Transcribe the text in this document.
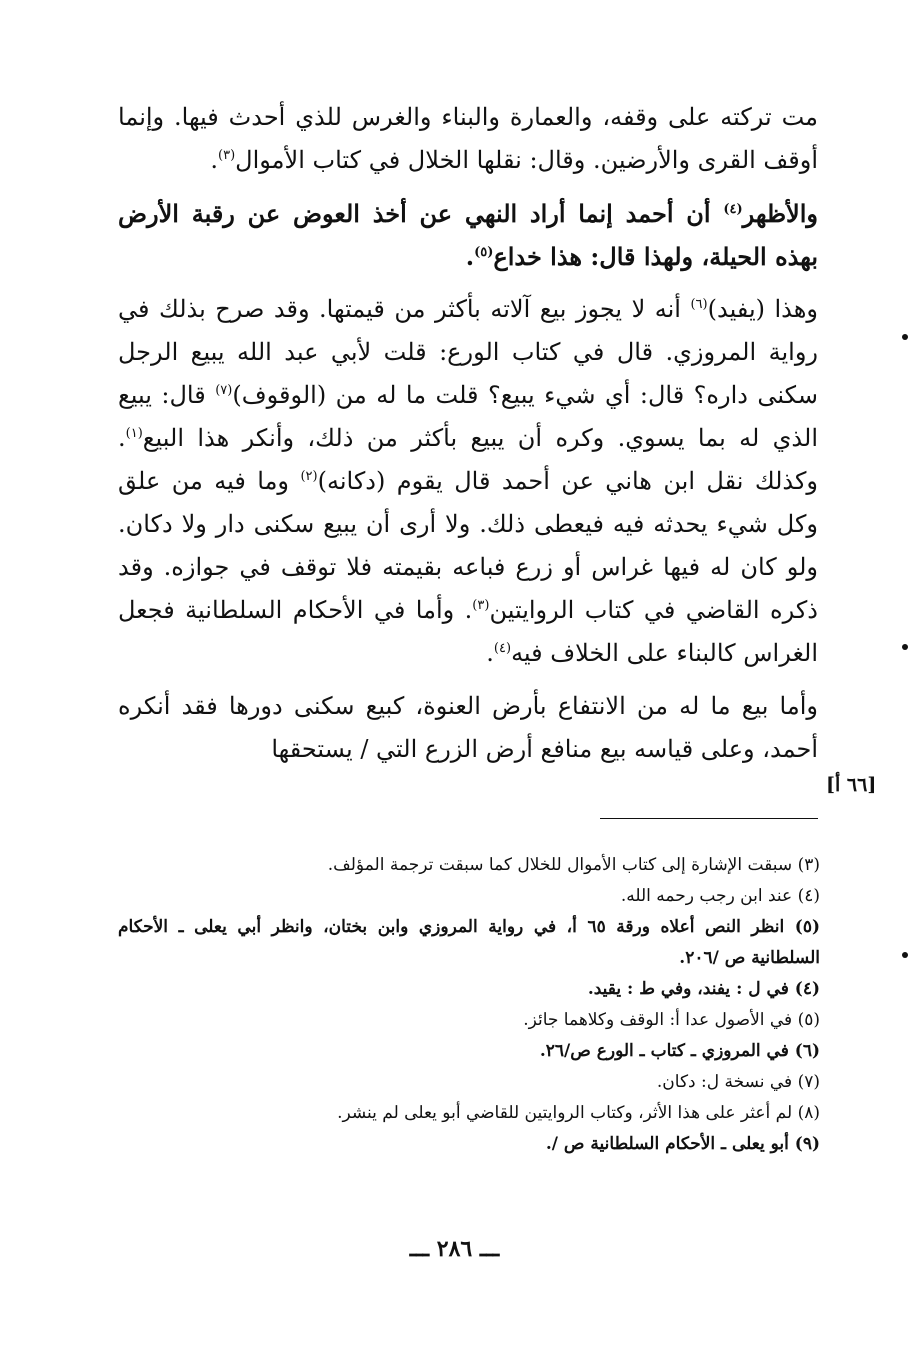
مت تركته على وقفه، والعمارة والبناء والغرس للذي أحدث فيها. وإنما أوقف القرى والأرضين. وقال: نقلها الخلال في كتاب الأموال$^{(٣)}$.

والأظهر$^{(٤)}$ أن أحمد إنما أراد النهي عن أخذ العوض عن رقبة الأرض بهذه الحيلة، ولهذا قال: هذا خداع$^{(٥)}$.

وهذا (يفيد)$^{(٦)}$ أنه لا يجوز بيع آلاته بأكثر من قيمتها. وقد صرح بذلك في رواية المروزي. قال في كتاب الورع: قلت لأبي عبد الله يبيع الرجل سكنى داره؟ قال: أي شيء يبيع؟ قلت ما له من (الوقوف)$^{(٧)}$ قال: يبيع الذي له بما يسوي. وكره أن يبيع بأكثر من ذلك، وأنكر هذا البيع$^{(١)}$. وكذلك نقل ابن هاني عن أحمد قال يقوم (دكانه)$^{(٢)}$ وما فيه من علق وكل شيء يحدثه فيه فيعطى ذلك. ولا أرى أن يبيع سكنى دار ولا دكان. ولو كان له فيها غراس أو زرع فباعه بقيمته فلا توقف في جوازه. وقد ذكره القاضي في كتاب الروايتين$^{(٣)}$. وأما في الأحكام السلطانية فجعل الغراس كالبناء على الخلاف فيه$^{(٤)}$.

وأما بيع ما له من الانتفاع بأرض العنوة، كبيع سكنى دورها فقد أنكره أحمد، وعلى قياسه بيع منافع أرض الزرع التي / يستحقها

[٦٦ أ]

(٣) سبقت الإشارة إلى كتاب الأموال للخلال كما سبقت ترجمة المؤلف.

(٤) عند ابن رجب رحمه الله.

(٥) انظر النص أعلاه ورقة ٦٥ أ، في رواية المروزي وابن بختان، وانظر أبي يعلى ـ الأحكام السلطانية ص /٢٠٦.

(٤) في ل : يفند، وفي ط : يقيد.

(٥) في الأصول عدا أ: الوقف وكلاهما جائز.

(٦) في المروزي ـ كتاب ـ الورع ص/٢٦.

(٧) في نسخة ل: دكان.

(٨) لم أعثر على هذا الأثر، وكتاب الروايتين للقاضي أبو يعلى لم ينشر.

(٩) أبو يعلى ـ الأحكام السلطانية ص /.

ـــ ٢٨٦ ـــ
